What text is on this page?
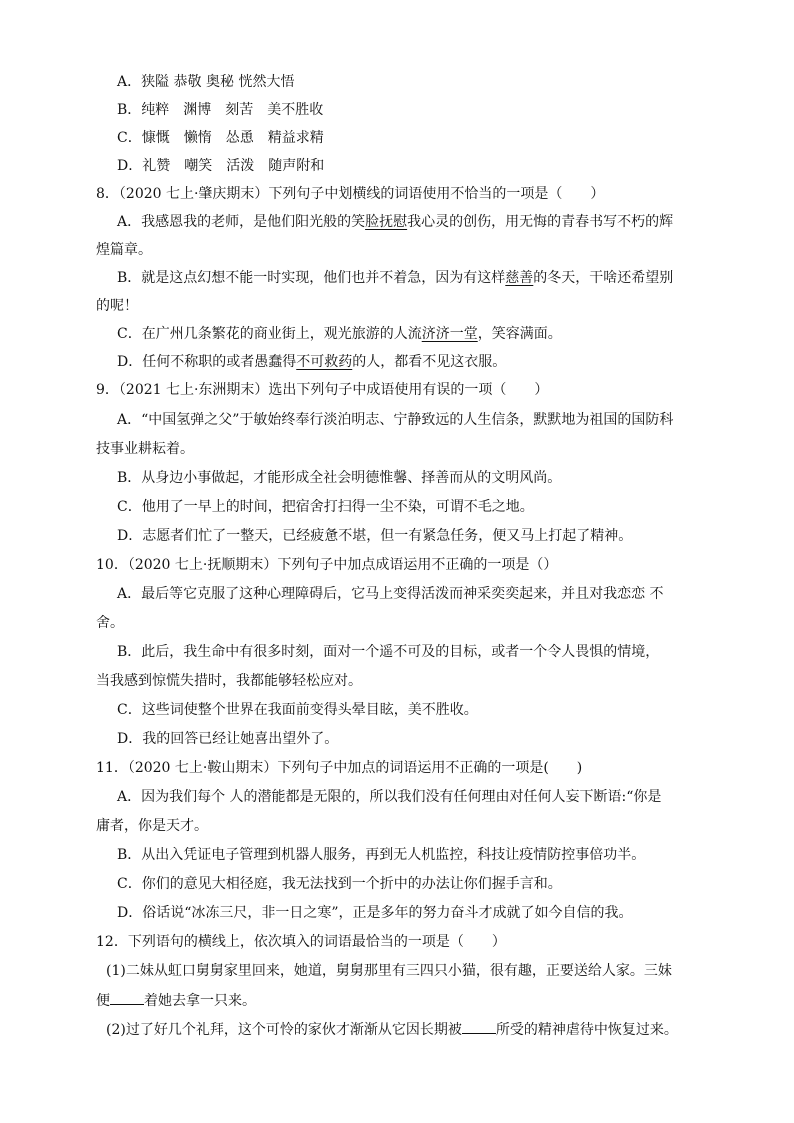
A．狭隘 恭敬 奥秘 恍然大悟
B．纯粹　渊博　刻苦　美不胜收
C．慷慨　懒惰　怂恿　精益求精
D．礼赞　嘲笑　活泼　随声附和
8．（2020 七上·肇庆期末）下列句子中划横线的词语使用不恰当的一项是（　　）
A．我感恩我的老师，是他们阳光般的笑脸抚慰我心灵的创伤，用无悔的青春书写不朽的辉
煌篇章。
B．就是这点幻想不能一时实现，他们也并不着急，因为有这样慈善的冬天，干啥还希望别
的呢！
C．在广州几条繁花的商业街上，观光旅游的人流济济一堂，笑容满面。
D．任何不称职的或者愚蠢得不可救药的人，都看不见这衣服。
9．（2021 七上·东洲期末）选出下列句子中成语使用有误的一项（　　）
A．“中国氢弹之父”于敏始终奉行淡泊明志、宁静致远的人生信条，默默地为祖国的国防科
技事业耕耘着。
B．从身边小事做起，才能形成全社会明德惟馨、择善而从的文明风尚。
C．他用了一早上的时间，把宿舍打扫得一尘不染，可谓不毛之地。
D．志愿者们忙了一整天，已经疲惫不堪，但一有紧急任务，便又马上打起了精神。
10．（2020 七上·抚顺期末）下列句子中加点成语运用不正确的一项是（）
A．最后等它克服了这种心理障碍后，它马上变得活泼而神采奕奕起来，并且对我恋恋 不
舍。
B．此后，我生命中有很多时刻，面对一个遥不可及的目标，或者一个令人畏惧的情境，
当我感到惊慌失措时，我都能够轻松应对。
C．这些词使整个世界在我面前变得头晕目眩，美不胜收。
D．我的回答已经让她喜出望外了。
11．（2020 七上·鞍山期末）下列句子中加点的词语运用不正确的一项是(　　)
A．因为我们每个 人的潜能都是无限的，所以我们没有任何理由对任何人妄下断语:“你是
庸者，你是天才。
B．从出入凭证电子管理到机器人服务，再到无人机监控，科技让疫情防控事倍功半。
C．你们的意见大相径庭，我无法找到一个折中的办法让你们握手言和。
D．俗话说“冰冻三尺，非一日之寒”，正是多年的努力奋斗才成就了如今自信的我。
12．下列语句的横线上，依次填入的词语最恰当的一项是（　　）
(1)二妹从虹口舅舅家里回来，她道，舅舅那里有三四只小猫，很有趣，正要送给人家。三妹
便 着她去拿一只来。
(2)过了好几个礼拜，这个可怜的家伙才渐渐从它因长期被 所受的精神虐待中恢复过来。
